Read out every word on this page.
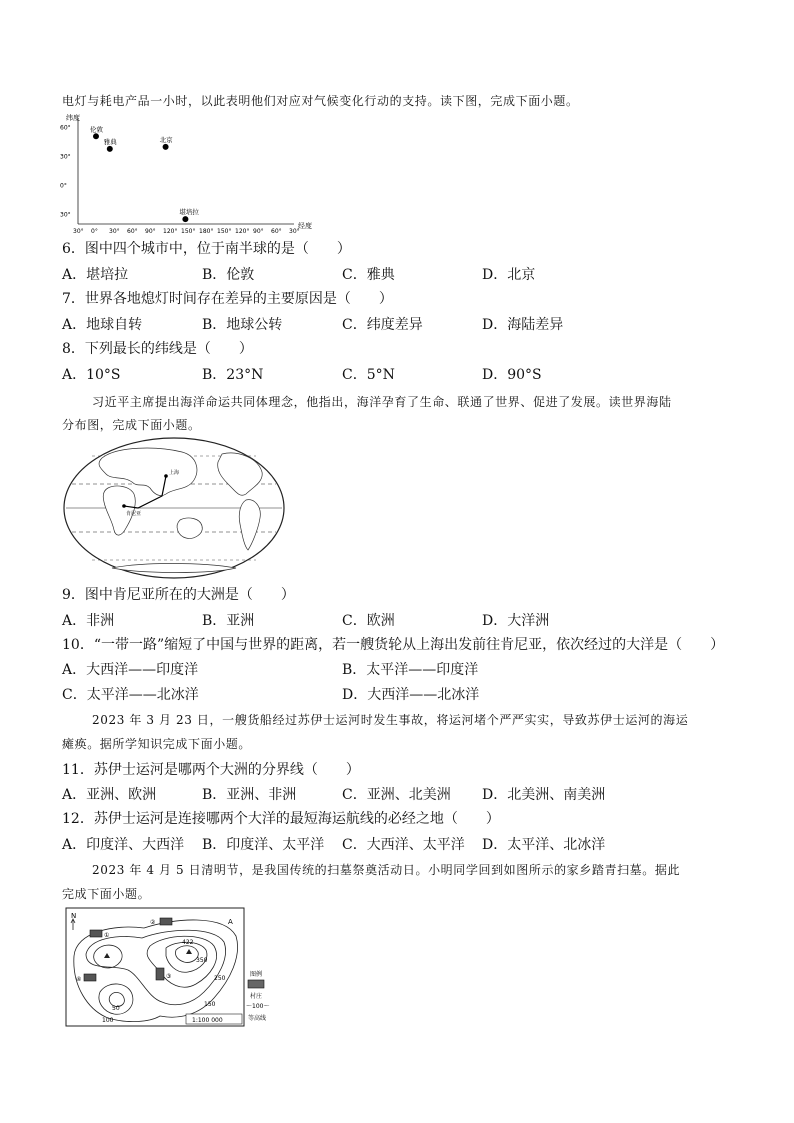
电灯与耗电产品一小时，以此表明他们对应对气候变化行动的支持。读下图，完成下面小题。
纬度
经度
30° 0° 30° 60° 90° 120° 150° 180° 150° 120° 90° 60° 30°
60°
30°
0°
30°
伦敦
雅典	北京
堪培拉
6．图中四个城市中，位于南半球的是（　　）
A．堪培拉	B．伦敦	C．雅典	D．北京
7．世界各地熄灯时间存在差异的主要原因是（　　）
A．地球自转	B．地球公转	C．纬度差异	D．海陆差异
8．下列最长的纬线是（　　）
A．10°S	B．23°N	C．5°N	D．90°S
习近平主席提出海洋命运共同体理念，他指出，海洋孕育了生命、联通了世界、促进了发展。读世界海陆
分布图，完成下面小题。
上海
肯尼亚
9．图中肯尼亚所在的大洲是（　　）
A．非洲	B．亚洲	C．欧洲	D．大洋洲
10．“一带一路”缩短了中国与世界的距离，若一艘货轮从上海出发前往肯尼亚，依次经过的大洋是（　　）
A．大西洋——印度洋	B．太平洋——印度洋
C．太平洋——北冰洋	D．大西洋——北冰洋
2023 年 3 月 23 日，一艘货船经过苏伊士运河时发生事故，将运河堵个严严实实，导致苏伊士运河的海运
瘫痪。据所学知识完成下面小题。
11．苏伊士运河是哪两个大洲的分界线（　　）
A．亚洲、欧洲	B．亚洲、非洲	C．亚洲、北美洲 D．北美洲、南美洲
12．苏伊士运河是连接哪两个大洋的最短海运航线的必经之地（　　）
A．印度洋、大西洋 B．印度洋、太平洋 C．大西洋、太平洋 D．太平洋、北冰洋
2023 年 4 月 5 日清明节，是我国传统的扫墓祭奠活动日。小明同学回到如图所示的家乡踏青扫墓。据此
完成下面小题。
N
①
②
③
④
422
350
250
150
100
50
A
1:100 000
图例
村庄
～100～
等高线
